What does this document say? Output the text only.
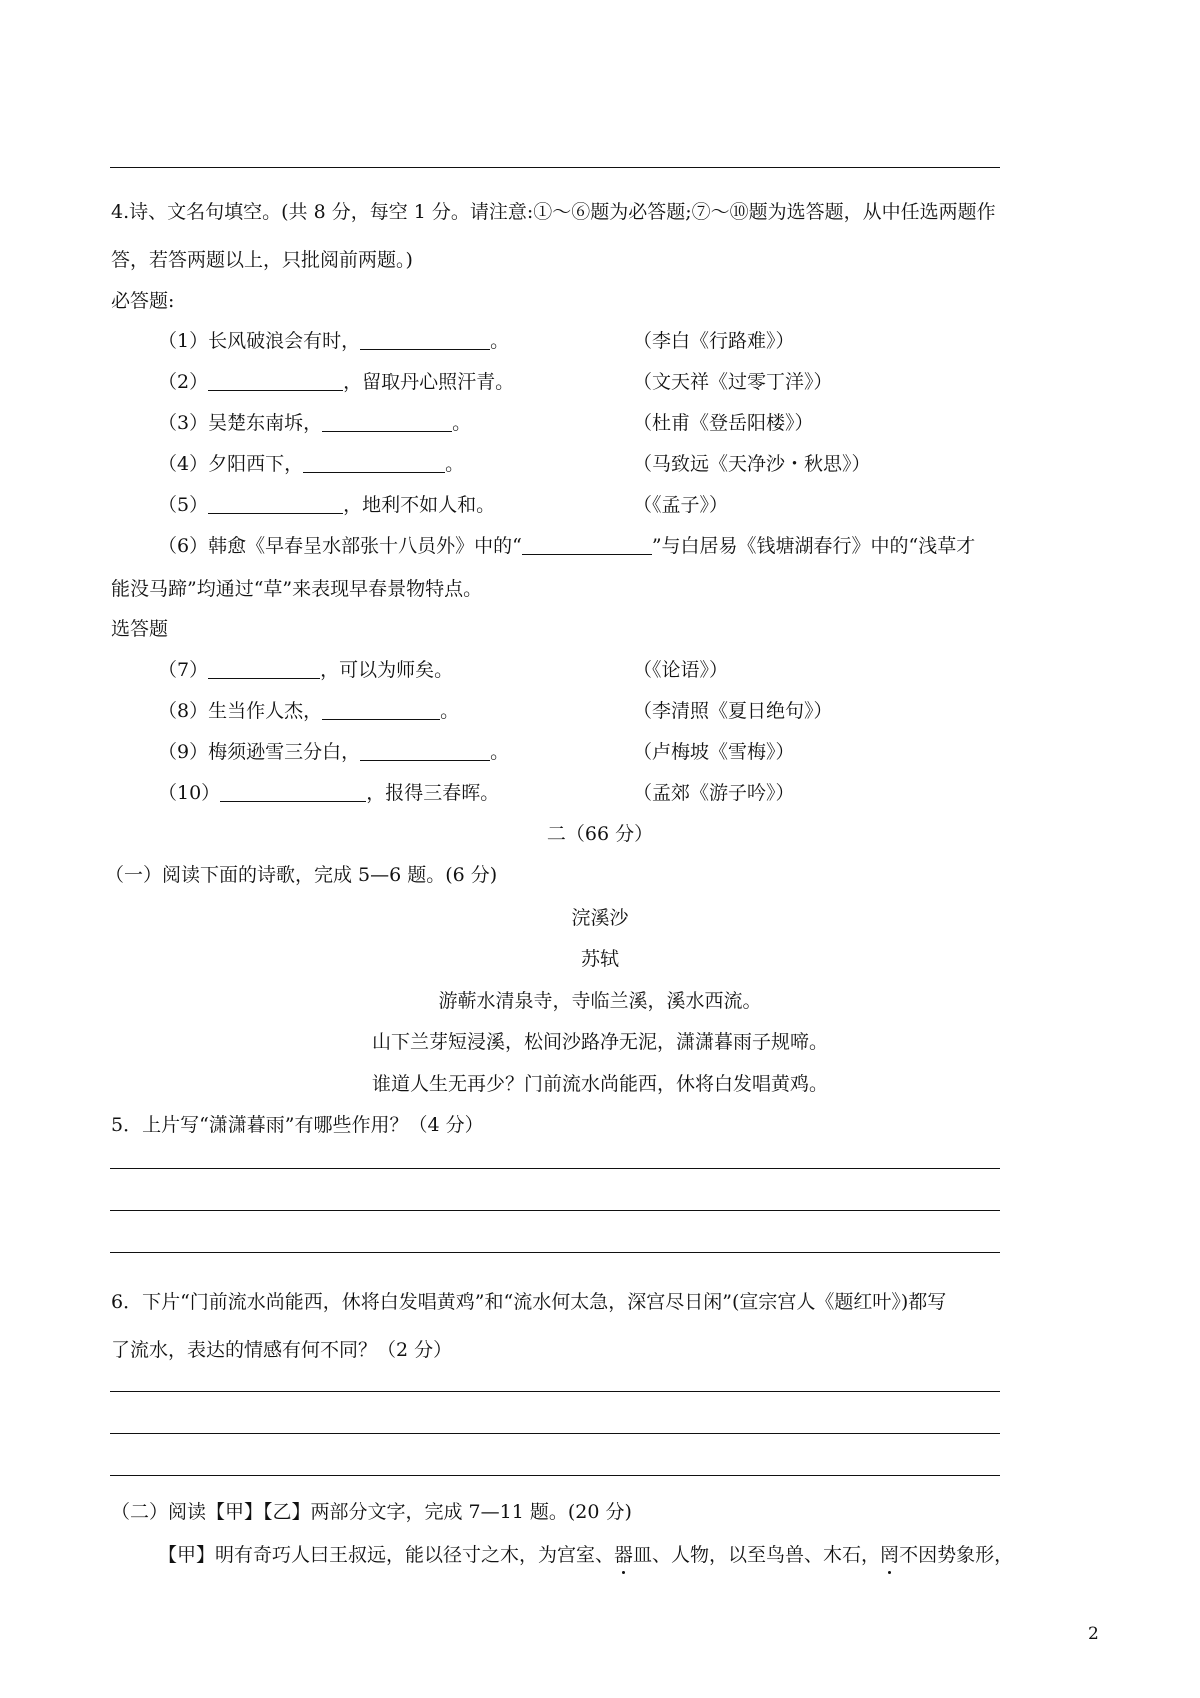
4.诗、文名句填空。(共 8 分，每空 1 分。请注意:①～⑥题为必答题;⑦～⑩题为选答题，从中任选两题作
答，若答两题以上，只批阅前两题。)
必答题:
（1）长风破浪会有时，	。	（李白《行路难》）
（2）	，留取丹心照汗青。	（文天祥《过零丁洋》）
（3）吴楚东南坼，	。	（杜甫《登岳阳楼》）
（4）夕阳西下，	。	（马致远《天净沙・秋思》）
（5）	，地利不如人和。	（《孟子》）
（6）韩愈《早春呈水部张十八员外》中的“	”与白居易《钱塘湖春行》中的“浅草才
能没马蹄”均通过“草”来表现早春景物特点。
选答题
（7）	，可以为师矣。	（《论语》）
（8）生当作人杰，	。	（李清照《夏日绝句》）
（9）梅须逊雪三分白，	。	（卢梅坡《雪梅》）
（10）	，报得三春晖。	（孟郊《游子吟》）
二（66 分）
（一）阅读下面的诗歌，完成 5—6 题。(6 分)
浣溪沙
苏轼
游蕲水清泉寺，寺临兰溪，溪水西流。
山下兰芽短浸溪，松间沙路净无泥，潇潇暮雨子规啼。
谁道人生无再少？门前流水尚能西，休将白发唱黄鸡。
5．上片写“潇潇暮雨”有哪些作用？（4 分）
6．下片“门前流水尚能西，休将白发唱黄鸡”和“流水何太急，深宫尽日闲”(宣宗宫人《题红叶》)都写
了流水，表达的情感有何不同？（2 分）
（二）阅读【甲】【乙】两部分文字，完成 7—11 题。(20 分)
【甲】明有奇巧人曰王叔远，能以径寸之木，为宫室、器皿、人物，以至鸟兽、木石，罔不因势象形，
2
